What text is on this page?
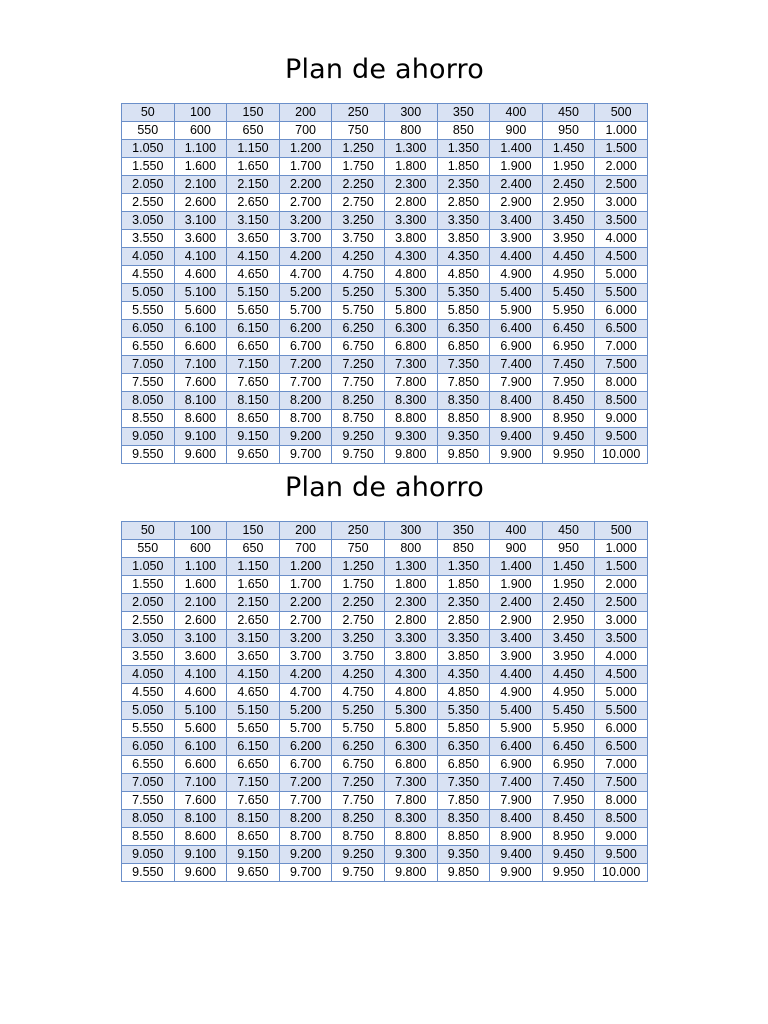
Plan de ahorro
50	100	150	200	250	300	350	400	450	500
550	600	650	700	750	800	850	900	950	1.000
1.050	1.100	1.150	1.200	1.250	1.300	1.350	1.400	1.450	1.500
1.550	1.600	1.650	1.700	1.750	1.800	1.850	1.900	1.950	2.000
2.050	2.100	2.150	2.200	2.250	2.300	2.350	2.400	2.450	2.500
2.550	2.600	2.650	2.700	2.750	2.800	2.850	2.900	2.950	3.000
3.050	3.100	3.150	3.200	3.250	3.300	3.350	3.400	3.450	3.500
3.550	3.600	3.650	3.700	3.750	3.800	3.850	3.900	3.950	4.000
4.050	4.100	4.150	4.200	4.250	4.300	4.350	4.400	4.450	4.500
4.550	4.600	4.650	4.700	4.750	4.800	4.850	4.900	4.950	5.000
5.050	5.100	5.150	5.200	5.250	5.300	5.350	5.400	5.450	5.500
5.550	5.600	5.650	5.700	5.750	5.800	5.850	5.900	5.950	6.000
6.050	6.100	6.150	6.200	6.250	6.300	6.350	6.400	6.450	6.500
6.550	6.600	6.650	6.700	6.750	6.800	6.850	6.900	6.950	7.000
7.050	7.100	7.150	7.200	7.250	7.300	7.350	7.400	7.450	7.500
7.550	7.600	7.650	7.700	7.750	7.800	7.850	7.900	7.950	8.000
8.050	8.100	8.150	8.200	8.250	8.300	8.350	8.400	8.450	8.500
8.550	8.600	8.650	8.700	8.750	8.800	8.850	8.900	8.950	9.000
9.050	9.100	9.150	9.200	9.250	9.300	9.350	9.400	9.450	9.500
9.550	9.600	9.650	9.700	9.750	9.800	9.850	9.900	9.950	10.000
Plan de ahorro
50	100	150	200	250	300	350	400	450	500
550	600	650	700	750	800	850	900	950	1.000
1.050	1.100	1.150	1.200	1.250	1.300	1.350	1.400	1.450	1.500
1.550	1.600	1.650	1.700	1.750	1.800	1.850	1.900	1.950	2.000
2.050	2.100	2.150	2.200	2.250	2.300	2.350	2.400	2.450	2.500
2.550	2.600	2.650	2.700	2.750	2.800	2.850	2.900	2.950	3.000
3.050	3.100	3.150	3.200	3.250	3.300	3.350	3.400	3.450	3.500
3.550	3.600	3.650	3.700	3.750	3.800	3.850	3.900	3.950	4.000
4.050	4.100	4.150	4.200	4.250	4.300	4.350	4.400	4.450	4.500
4.550	4.600	4.650	4.700	4.750	4.800	4.850	4.900	4.950	5.000
5.050	5.100	5.150	5.200	5.250	5.300	5.350	5.400	5.450	5.500
5.550	5.600	5.650	5.700	5.750	5.800	5.850	5.900	5.950	6.000
6.050	6.100	6.150	6.200	6.250	6.300	6.350	6.400	6.450	6.500
6.550	6.600	6.650	6.700	6.750	6.800	6.850	6.900	6.950	7.000
7.050	7.100	7.150	7.200	7.250	7.300	7.350	7.400	7.450	7.500
7.550	7.600	7.650	7.700	7.750	7.800	7.850	7.900	7.950	8.000
8.050	8.100	8.150	8.200	8.250	8.300	8.350	8.400	8.450	8.500
8.550	8.600	8.650	8.700	8.750	8.800	8.850	8.900	8.950	9.000
9.050	9.100	9.150	9.200	9.250	9.300	9.350	9.400	9.450	9.500
9.550	9.600	9.650	9.700	9.750	9.800	9.850	9.900	9.950	10.000
